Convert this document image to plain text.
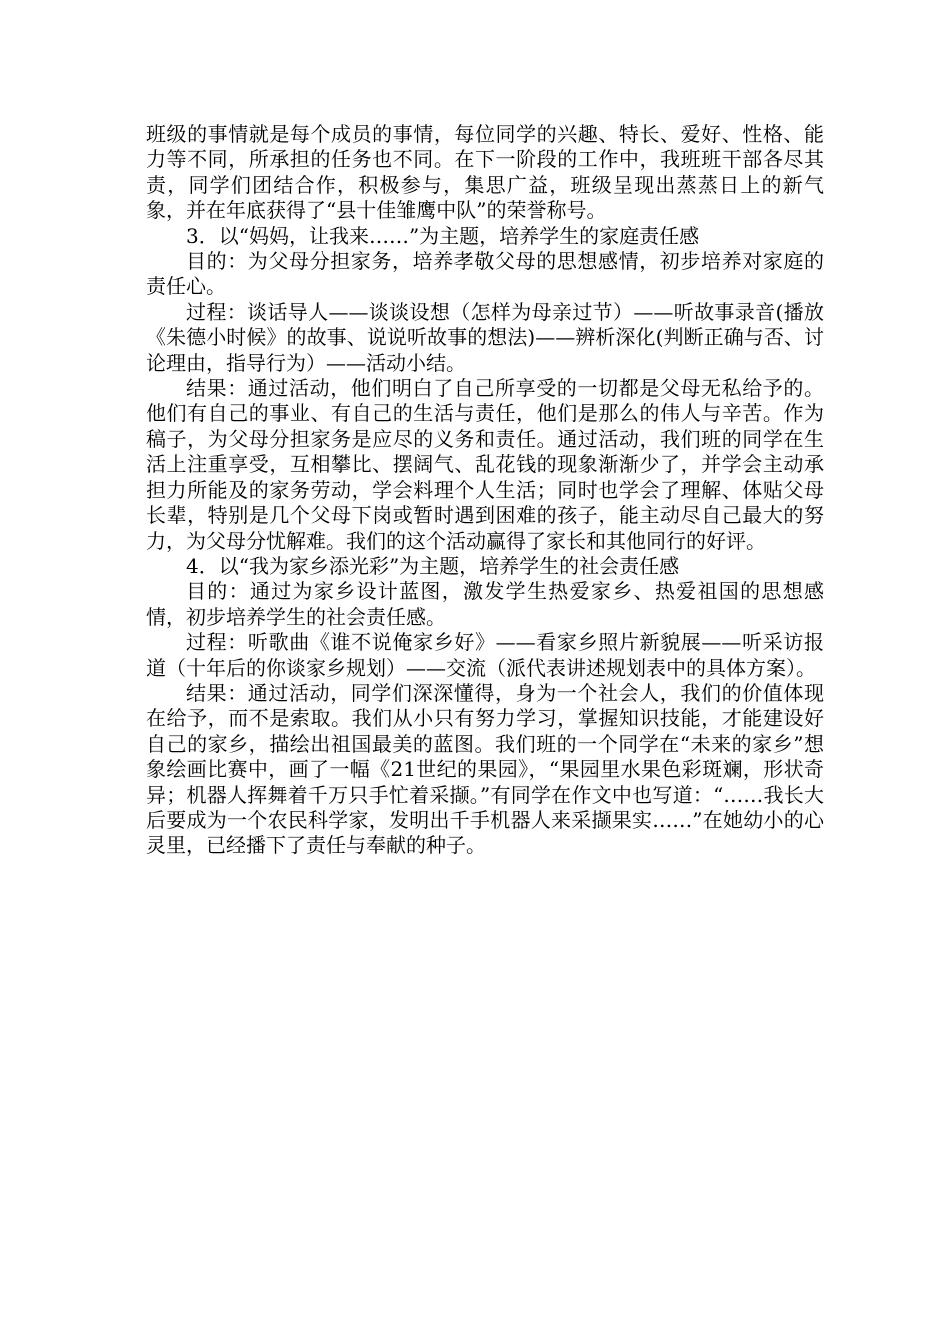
班级的事情就是每个成员的事情，每位同学的兴趣、特长、爱好、性格、能力等不同，所承担的任务也不同。在下一阶段的工作中，我班班干部各尽其责，同学们团结合作，积极参与，集思广益，班级呈现出蒸蒸日上的新气象，并在年底获得了“县十佳雏鹰中队”的荣誉称号。

3．以“妈妈，让我来……”为主题，培养学生的家庭责任感

目的：为父母分担家务，培养孝敬父母的思想感情，初步培养对家庭的责任心。

过程：谈话导人——谈谈设想（怎样为母亲过节）——听故事录音(播放《朱德小时候》的故事、说说听故事的想法)——辨析深化(判断正确与否、讨论理由，指导行为）——活动小结。

结果：通过活动，他们明白了自己所享受的一切都是父母无私给予的。他们有自己的事业、有自己的生活与责任，他们是那么的伟人与辛苦。作为稿子，为父母分担家务是应尽的义务和责任。通过活动，我们班的同学在生活上注重享受，互相攀比、摆阔气、乱花钱的现象渐渐少了，并学会主动承担力所能及的家务劳动，学会料理个人生活；同时也学会了理解、体贴父母长辈，特别是几个父母下岗或暂时遇到困难的孩子，能主动尽自己最大的努力，为父母分忧解难。我们的这个活动赢得了家长和其他同行的好评。

4．以“我为家乡添光彩”为主题，培养学生的社会责任感

目的：通过为家乡设计蓝图，激发学生热爱家乡、热爱祖国的思想感情，初步培养学生的社会责任感。

过程：听歌曲《谁不说俺家乡好》——看家乡照片新貌展——听采访报道（十年后的你谈家乡规划）——交流（派代表讲述规划表中的具体方案）。

结果：通过活动，同学们深深懂得，身为一个社会人，我们的价值体现在给予，而不是索取。我们从小只有努力学习，掌握知识技能，才能建设好自己的家乡，描绘出祖国最美的蓝图。我们班的一个同学在“未来的家乡”想象绘画比赛中，画了一幅《21世纪的果园》，“果园里水果色彩斑斓，形状奇异；机器人挥舞着千万只手忙着采撷。”有同学在作文中也写道：“……我长大后要成为一个农民科学家，发明出千手机器人来采撷果实……”在她幼小的心灵里，已经播下了责任与奉献的种子。
